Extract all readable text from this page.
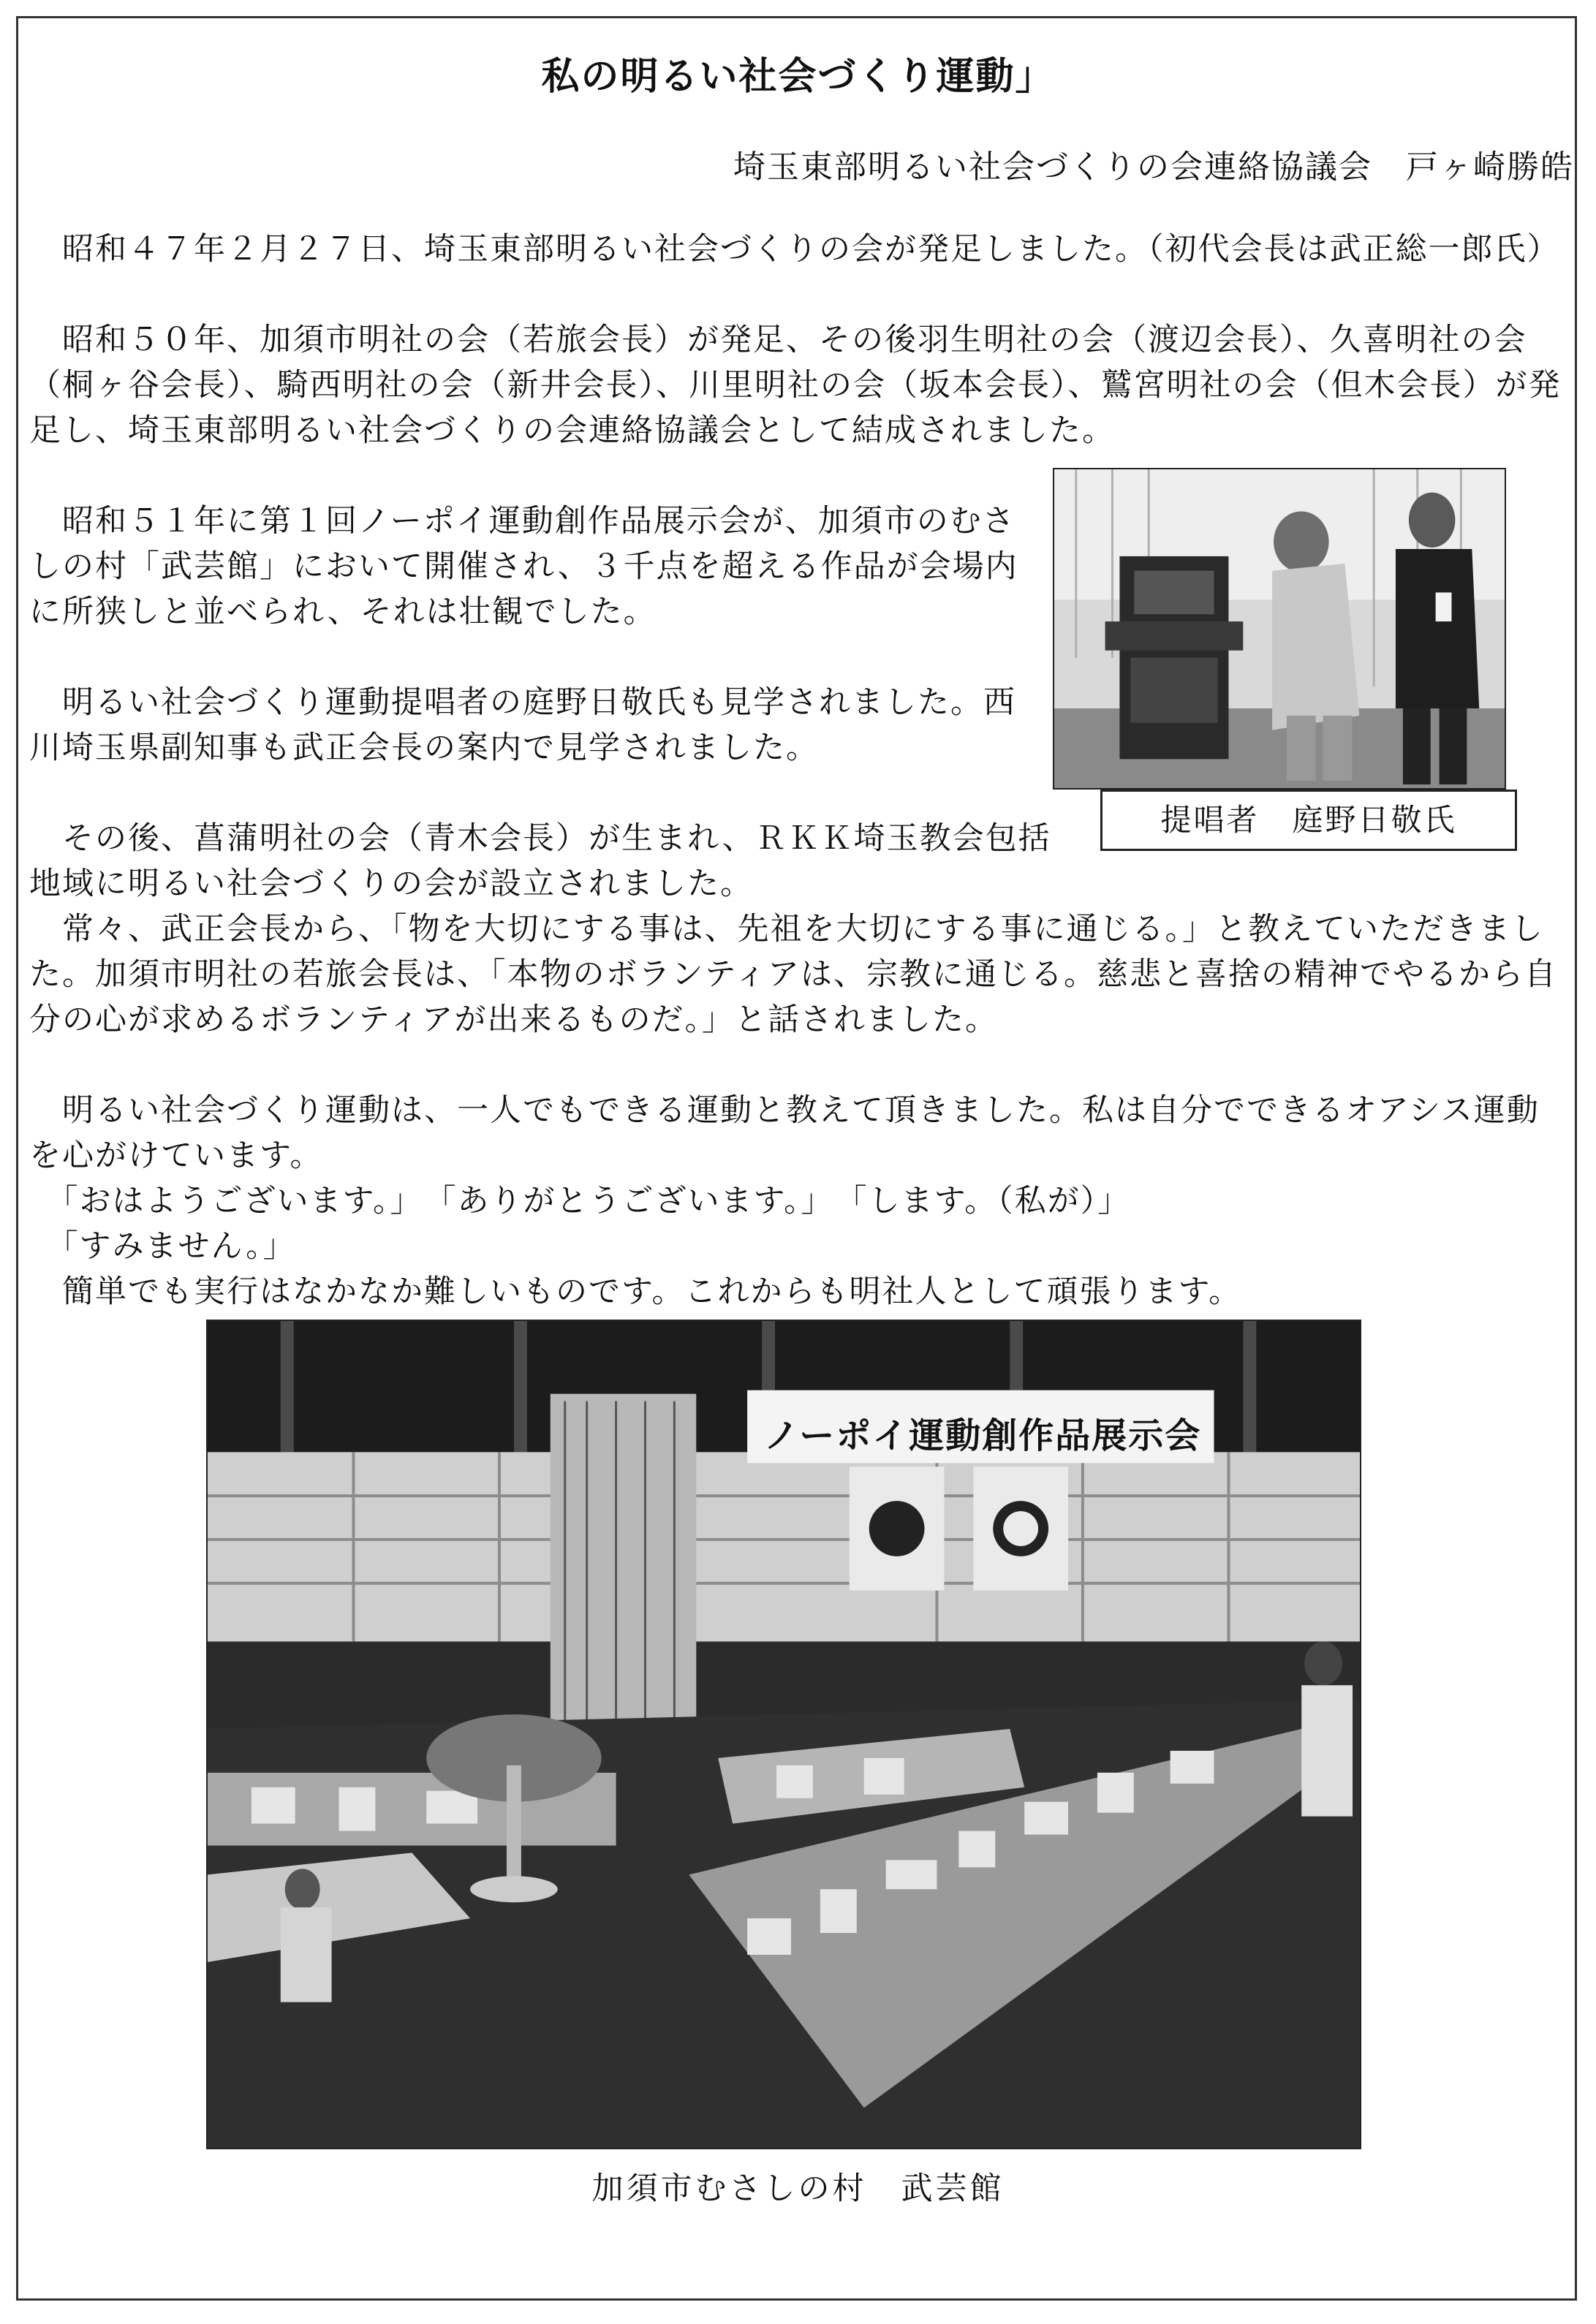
私の明るい社会づくり運動」
埼玉東部明るい社会づくりの会連絡協議会　戸ヶ崎勝皓

　昭和４７年２月２７日、埼玉東部明るい社会づくりの会が発足しました。（初代会長は武正総一郎氏）

　昭和５０年、加須市明社の会（若旅会長）が発足、その後羽生明社の会（渡辺会長）、久喜明社の会（桐ヶ谷会長）、騎西明社の会（新井会長）、川里明社の会（坂本会長）、鷲宮明社の会（但木会長）が発足し、埼玉東部明るい社会づくりの会連絡協議会として結成されました。

　昭和５１年に第１回ノーポイ運動創作品展示会が、加須市のむさしの村「武芸館」において開催され、３千点を超える作品が会場内に所狭しと並べられ、それは壮観でした。

　明るい社会づくり運動提唱者の庭野日敬氏も見学されました。西川埼玉県副知事も武正会長の案内で見学されました。

　その後、菖蒲明社の会（青木会長）が生まれ、ＲＫＫ埼玉教会包括地域に明るい社会づくりの会が設立されました。

　常々、武正会長から、「物を大切にする事は、先祖を大切にする事に通じる。」と教えていただきました。加須市明社の若旅会長は、「本物のボランティアは、宗教に通じる。慈悲と喜捨の精神でやるから自分の心が求めるボランティアが出来るものだ。」と話されました。

　明るい社会づくり運動は、一人でもできる運動と教えて頂きました。私は自分でできるオアシス運動を心がけています。

　「おはようございます。」　「ありがとうございます。」　「します。（私が）」

　「すみません。」

　簡単でも実行はなかなか難しいものです。これからも明社人として頑張ります。

提唱者　庭野日敬氏
ノーポイ運動創作品展示会
加須市むさしの村　武芸館
